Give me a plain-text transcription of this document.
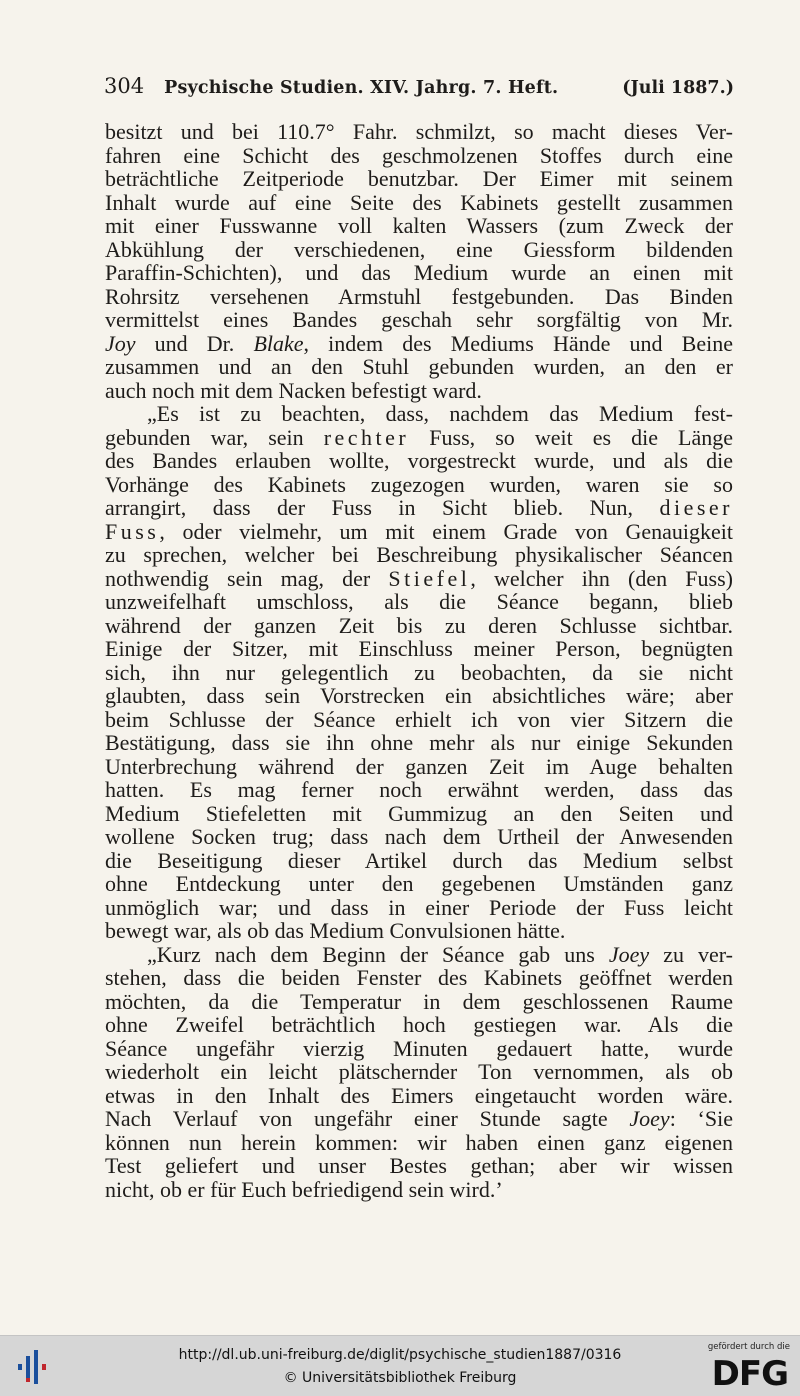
304 Psychische Studien. XIV. Jahrg. 7. Heft.	(Juli 1887.)
besitzt und bei 110.7° Fahr. schmilzt, so macht dieses Ver-
fahren eine Schicht des geschmolzenen Stoffes durch eine
beträchtliche Zeitperiode benutzbar. Der Eimer mit seinem
Inhalt wurde auf eine Seite des Kabinets gestellt zusammen
mit einer Fusswanne voll kalten Wassers (zum Zweck der
Abkühlung der verschiedenen, eine Giessform bildenden
Paraffin-Schichten), und das Medium wurde an einen mit
Rohrsitz versehenen Armstuhl festgebunden. Das Binden
vermittelst eines Bandes geschah sehr sorgfältig von Mr.
Joy und Dr. Blake, indem des Mediums Hände und Beine
zusammen und an den Stuhl gebunden wurden, an den er
auch noch mit dem Nacken befestigt ward.
„Es ist zu beachten, dass, nachdem das Medium fest-
gebunden war, sein rechter Fuss, so weit es die Länge
des Bandes erlauben wollte, vorgestreckt wurde, und als die
Vorhänge des Kabinets zugezogen wurden, waren sie so
arrangirt, dass der Fuss in Sicht blieb. Nun, dieser
Fuss, oder vielmehr, um mit einem Grade von Genauigkeit
zu sprechen, welcher bei Beschreibung physikalischer Séancen
nothwendig sein mag, der Stiefel, welcher ihn (den Fuss)
unzweifelhaft umschloss, als die Séance begann, blieb
während der ganzen Zeit bis zu deren Schlusse sichtbar.
Einige der Sitzer, mit Einschluss meiner Person, begnügten
sich, ihn nur gelegentlich zu beobachten, da sie nicht
glaubten, dass sein Vorstrecken ein absichtliches wäre; aber
beim Schlusse der Séance erhielt ich von vier Sitzern die
Bestätigung, dass sie ihn ohne mehr als nur einige Sekunden
Unterbrechung während der ganzen Zeit im Auge behalten
hatten. Es mag ferner noch erwähnt werden, dass das
Medium Stiefeletten mit Gummizug an den Seiten und
wollene Socken trug; dass nach dem Urtheil der Anwesenden
die Beseitigung dieser Artikel durch das Medium selbst
ohne Entdeckung unter den gegebenen Umständen ganz
unmöglich war; und dass in einer Periode der Fuss leicht
bewegt war, als ob das Medium Convulsionen hätte.
„Kurz nach dem Beginn der Séance gab uns Joey zu ver-
stehen, dass die beiden Fenster des Kabinets geöffnet werden
möchten, da die Temperatur in dem geschlossenen Raume
ohne Zweifel beträchtlich hoch gestiegen war. Als die
Séance ungefähr vierzig Minuten gedauert hatte, wurde
wiederholt ein leicht plätschernder Ton vernommen, als ob
etwas in den Inhalt des Eimers eingetaucht worden wäre.
Nach Verlauf von ungefähr einer Stunde sagte Joey: ‘Sie
können nun herein kommen: wir haben einen ganz eigenen
Test geliefert und unser Bestes gethan; aber wir wissen
nicht, ob er für Euch befriedigend sein wird.’
http://dl.ub.uni-freiburg.de/diglit/psychische_studien1887/0316
© Universitätsbibliothek Freiburg
gefördert durch die
DFG
